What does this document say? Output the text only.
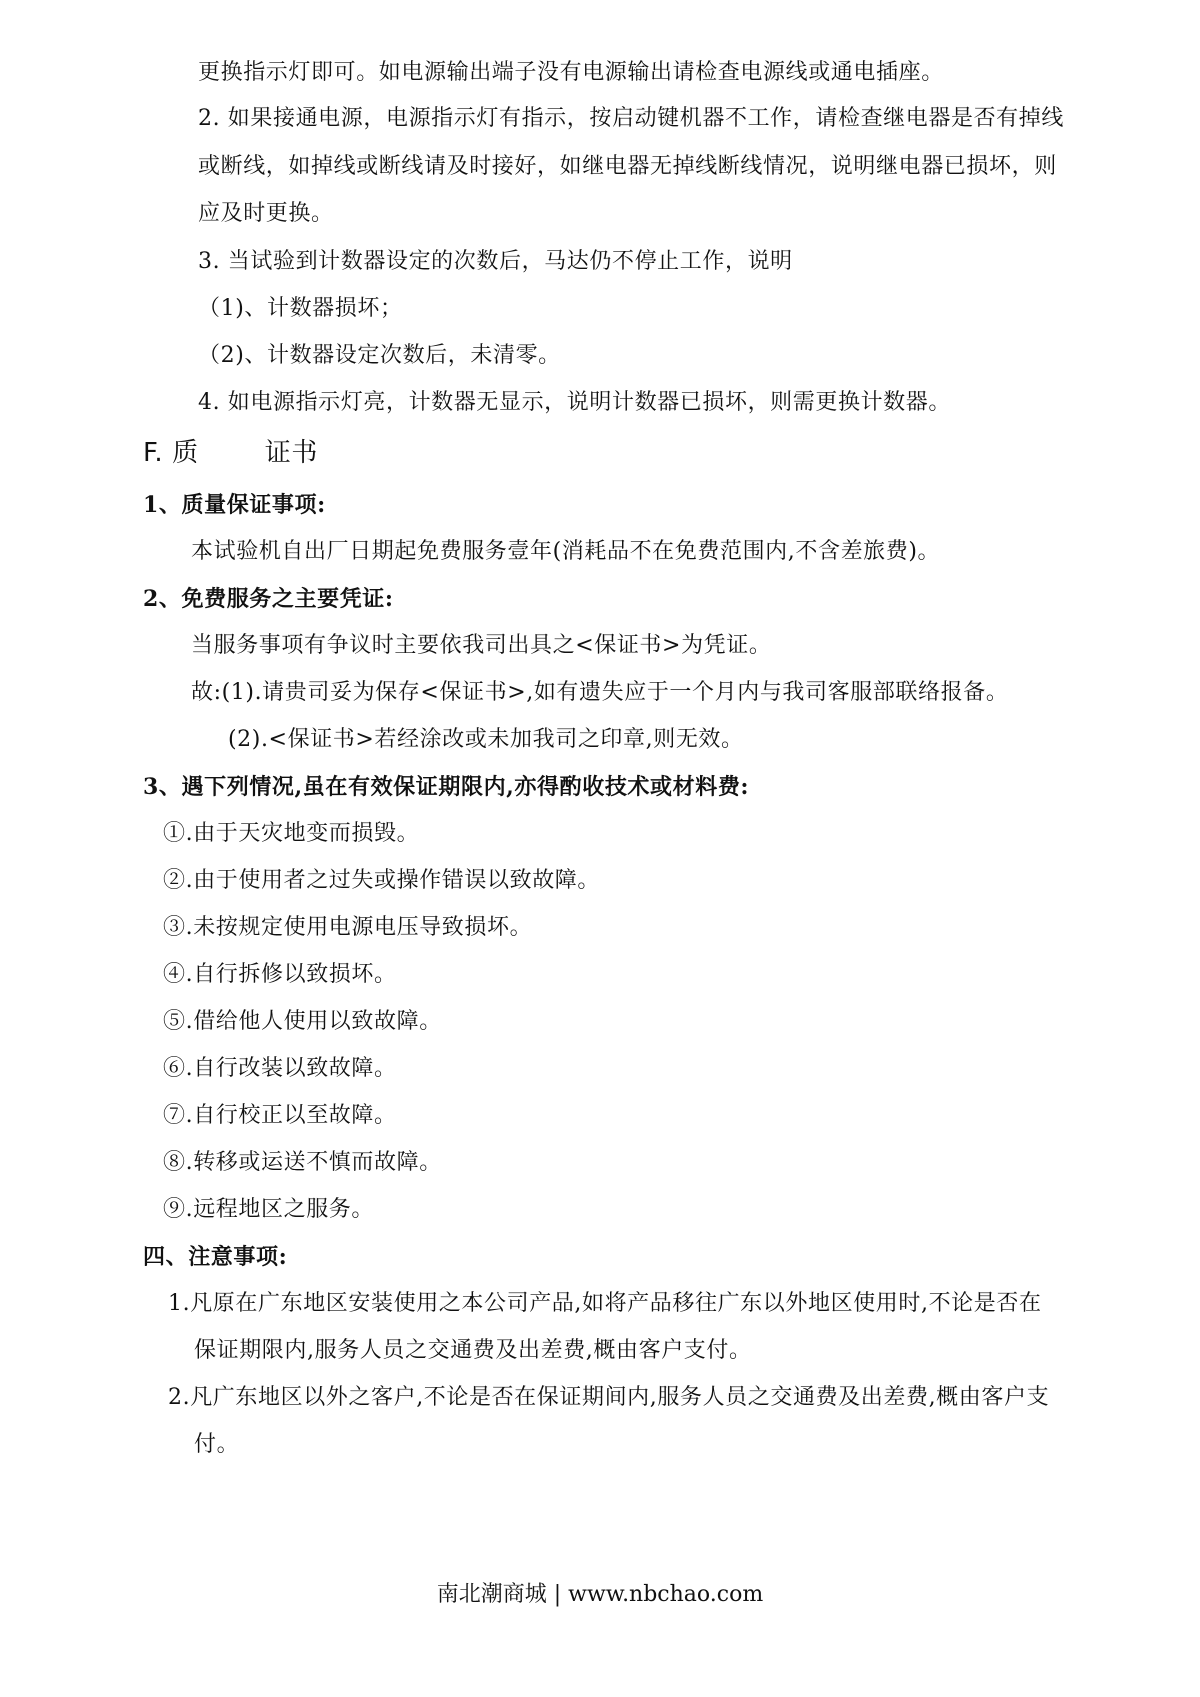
更换指示灯即可。如电源输出端子没有电源输出请检查电源线或通电插座。
2. 如果接通电源，电源指示灯有指示，按启动键机器不工作，请检查继电器是否有掉线
或断线，如掉线或断线请及时接好，如继电器无掉线断线情况，说明继电器已损坏，则
应及时更换。
3. 当试验到计数器设定的次数后，马达仍不停止工作，说明
（1)、计数器损坏；
（2)、计数器设定次数后，未清零。
4. 如电源指示灯亮，计数器无显示，说明计数器已损坏，则需更换计数器。
F. 质	证书
1、质量保证事项:
本试验机自出厂日期起免费服务壹年(消耗品不在免费范围内,不含差旅费)。
2、免费服务之主要凭证:
当服务事项有争议时主要依我司出具之<保证书>为凭证。
故:(1).请贵司妥为保存<保证书>,如有遗失应于一个月内与我司客服部联络报备。
(2).<保证书>若经涂改或未加我司之印章,则无效。
3、遇下列情况,虽在有效保证期限内,亦得酌收技术或材料费:
①.由于天灾地变而损毁。
②.由于使用者之过失或操作错误以致故障。
③.未按规定使用电源电压导致损坏。
④.自行拆修以致损坏。
⑤.借给他人使用以致故障。
⑥.自行改装以致故障。
⑦.自行校正以至故障。
⑧.转移或运送不慎而故障。
⑨.远程地区之服务。
四、注意事项:
1.凡原在广东地区安装使用之本公司产品,如将产品移往广东以外地区使用时,不论是否在
保证期限内,服务人员之交通费及出差费,概由客户支付。
2.凡广东地区以外之客户,不论是否在保证期间内,服务人员之交通费及出差费,概由客户支
付。
南北潮商城 | www.nbchao.com
